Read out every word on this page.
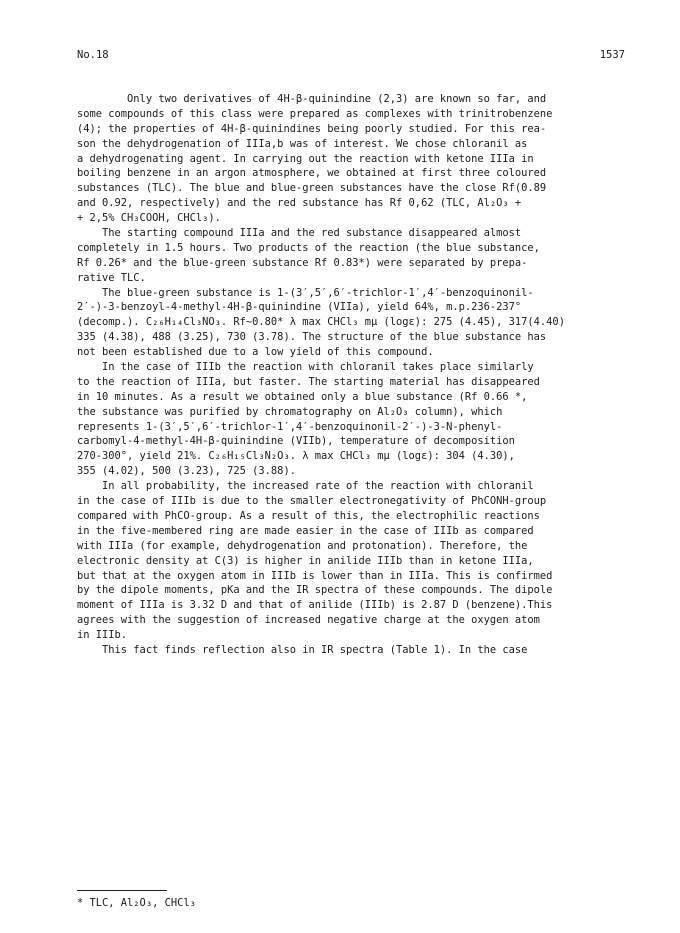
No.18	1537
Only two derivatives of 4H-β-quinindine (2,3) are known so far, and
some compounds of this class were prepared as complexes with trinitrobenzene
(4); the properties of 4H-β-quinindines being poorly studied. For this rea-
son the dehydrogenation of IIIa,b was of interest. We chose chloranil as
a dehydrogenating agent. In carrying out the reaction with ketone IIIa in
boiling benzene in an argon atmosphere, we obtained at first three coloured
substances (TLC). The blue and blue-green substances have the close Rf(0.89
and 0.92, respectively) and the red substance has Rf 0,62 (TLC, Al₂O₃ +
+ 2,5% CH₃COOH, CHCl₃).
The starting compound IIIa and the red substance disappeared almost
completely in 1.5 hours. Two products of the reaction (the blue substance,
Rf 0.26* and the blue-green substance Rf 0.83*) were separated by prepa-
rative TLC.
The blue-green substance is 1-(3′,5′,6′-trichlor-1′,4′-benzoquinonil-
2′-)-3-benzoyl-4-methyl-4H-β-quinindine (VIIa), yield 64%, m.p.236-237°
(decomp.). C₂₆H₁₄Cl₃NO₃. Rf~0.80* λ max CHCl₃ mμ (logε): 275 (4.45), 317(4.40)
335 (4.38), 488 (3.25), 730 (3.78). The structure of the blue substance has
not been established due to a low yield of this compound.
In the case of IIIb the reaction with chloranil takes place similarly
to the reaction of IIIa, but faster. The starting material has disappeared
in 10 minutes. As a result we obtained only a blue substance (Rf 0.66 *,
the substance was purified by chromatography on Al₂O₃ column), which
represents 1-(3′,5′,6′-trichlor-1′,4′-benzoquinonil-2′-)-3-N-phenyl-
carbomyl-4-methyl-4H-β-quinindine (VIIb), temperature of decomposition
270-300°, yield 21%. C₂₆H₁₅Cl₃N₂O₃. λ max CHCl₃ mμ (logε): 304 (4.30),
355 (4.02), 500 (3.23), 725 (3.88).
In all probability, the increased rate of the reaction with chloranil
in the case of IIIb is due to the smaller electronegativity of PhCONH-group
compared with PhCO-group. As a result of this, the electrophilic reactions
in the five-membered ring are made easier in the case of IIIb as compared
with IIIa (for example, dehydrogenation and protonation). Therefore, the
electronic density at C(3) is higher in anilide IIIb than in ketone IIIa,
but that at the oxygen atom in IIIb is lower than in IIIa. This is confirmed
by the dipole moments, pKa and the IR spectra of these compounds. The dipole
moment of IIIa is 3.32 D and that of anilide (IIIb) is 2.87 D (benzene).This
agrees with the suggestion of increased negative charge at the oxygen atom
in IIIb.
This fact finds reflection also in IR spectra (Table 1). In the case
* TLC, Al₂O₃, CHCl₃
